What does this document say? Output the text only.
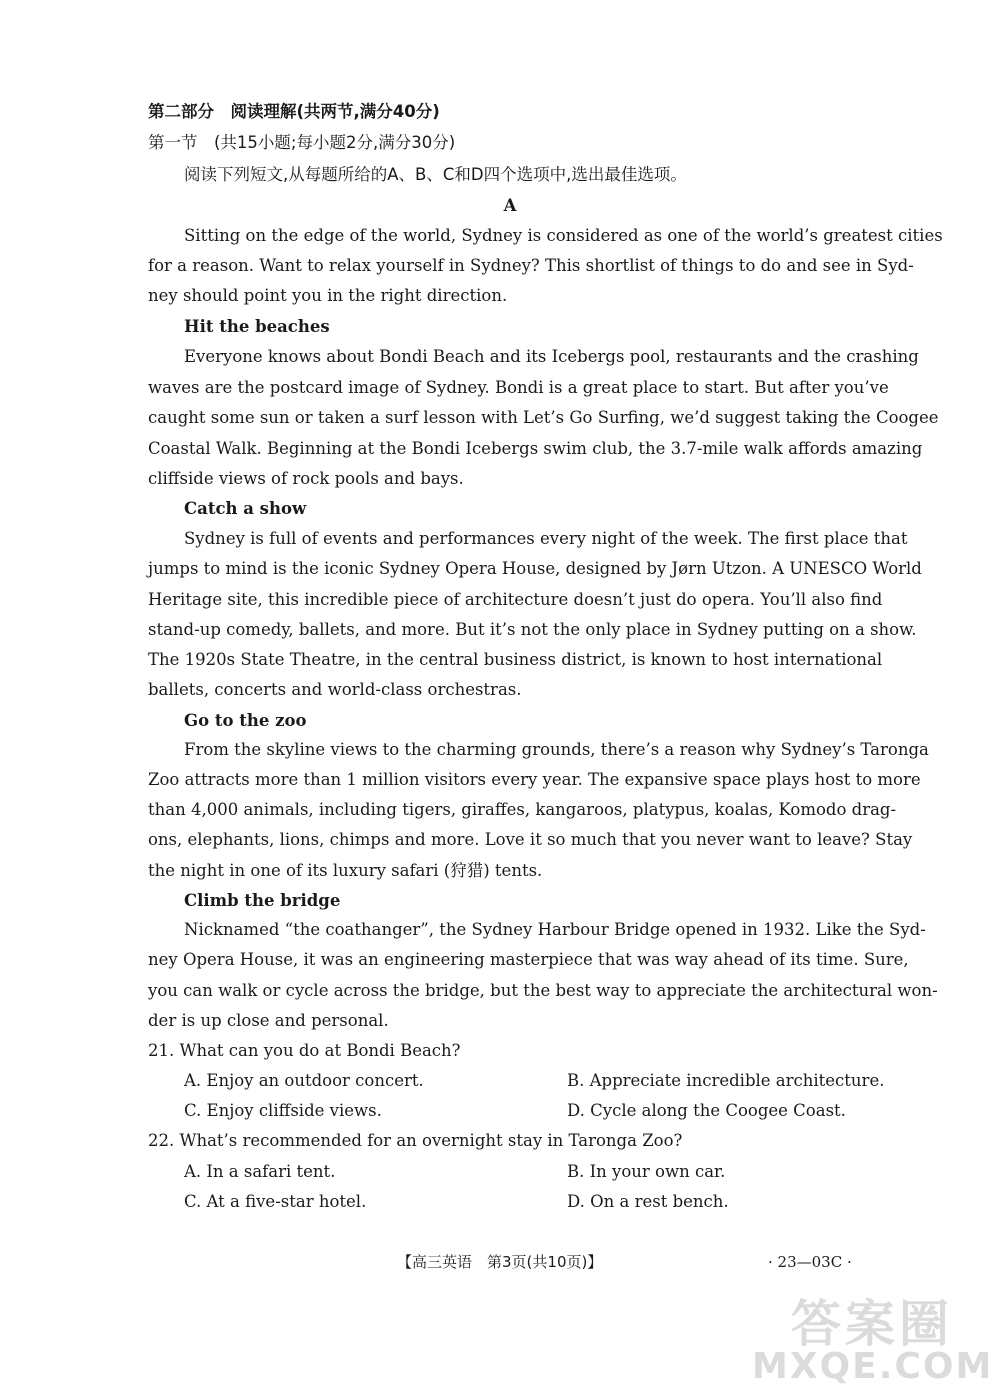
第二部分　阅读理解(共两节,满分40分)
第一节　(共15小题;每小题2分,满分30分)
阅读下列短文,从每题所给的A、B、C和D四个选项中,选出最佳选项。
A
Sitting on the edge of the world, Sydney is considered as one of the world’s greatest cities
for a reason. Want to relax yourself in Sydney? This shortlist of things to do and see in Syd-
ney should point you in the right direction.
Hit the beaches
Everyone knows about Bondi Beach and its Icebergs pool, restaurants and the crashing
waves are the postcard image of Sydney. Bondi is a great place to start. But after you’ve
caught some sun or taken a surf lesson with Let’s Go Surfing, we’d suggest taking the Coogee
Coastal Walk. Beginning at the Bondi Icebergs swim club, the 3.7-mile walk affords amazing
cliffside views of rock pools and bays.
Catch a show
Sydney is full of events and performances every night of the week. The first place that
jumps to mind is the iconic Sydney Opera House, designed by Jørn Utzon. A UNESCO World
Heritage site, this incredible piece of architecture doesn’t just do opera. You’ll also find
stand-up comedy, ballets, and more. But it’s not the only place in Sydney putting on a show.
The 1920s State Theatre, in the central business district, is known to host international
ballets, concerts and world-class orchestras.
Go to the zoo
From the skyline views to the charming grounds, there’s a reason why Sydney’s Taronga
Zoo attracts more than 1 million visitors every year. The expansive space plays host to more
than 4,000 animals, including tigers, giraffes, kangaroos, platypus, koalas, Komodo drag-
ons, elephants, lions, chimps and more. Love it so much that you never want to leave? Stay
the night in one of its luxury safari (狩猎) tents.
Climb the bridge
Nicknamed “the coathanger”, the Sydney Harbour Bridge opened in 1932. Like the Syd-
ney Opera House, it was an engineering masterpiece that was way ahead of its time. Sure,
you can walk or cycle across the bridge, but the best way to appreciate the architectural won-
der is up close and personal.
21. What can you do at Bondi Beach?
A. Enjoy an outdoor concert.	B. Appreciate incredible architecture.
C. Enjoy cliffside views.	D. Cycle along the Coogee Coast.
22. What’s recommended for an overnight stay in Taronga Zoo?
A. In a safari tent.	B. In your own car.
C. At a five-star hotel.	D. On a rest bench.
【高三英语　第3页(共10页)】	· 23—03C ·
答案圈
MXQE.COM
